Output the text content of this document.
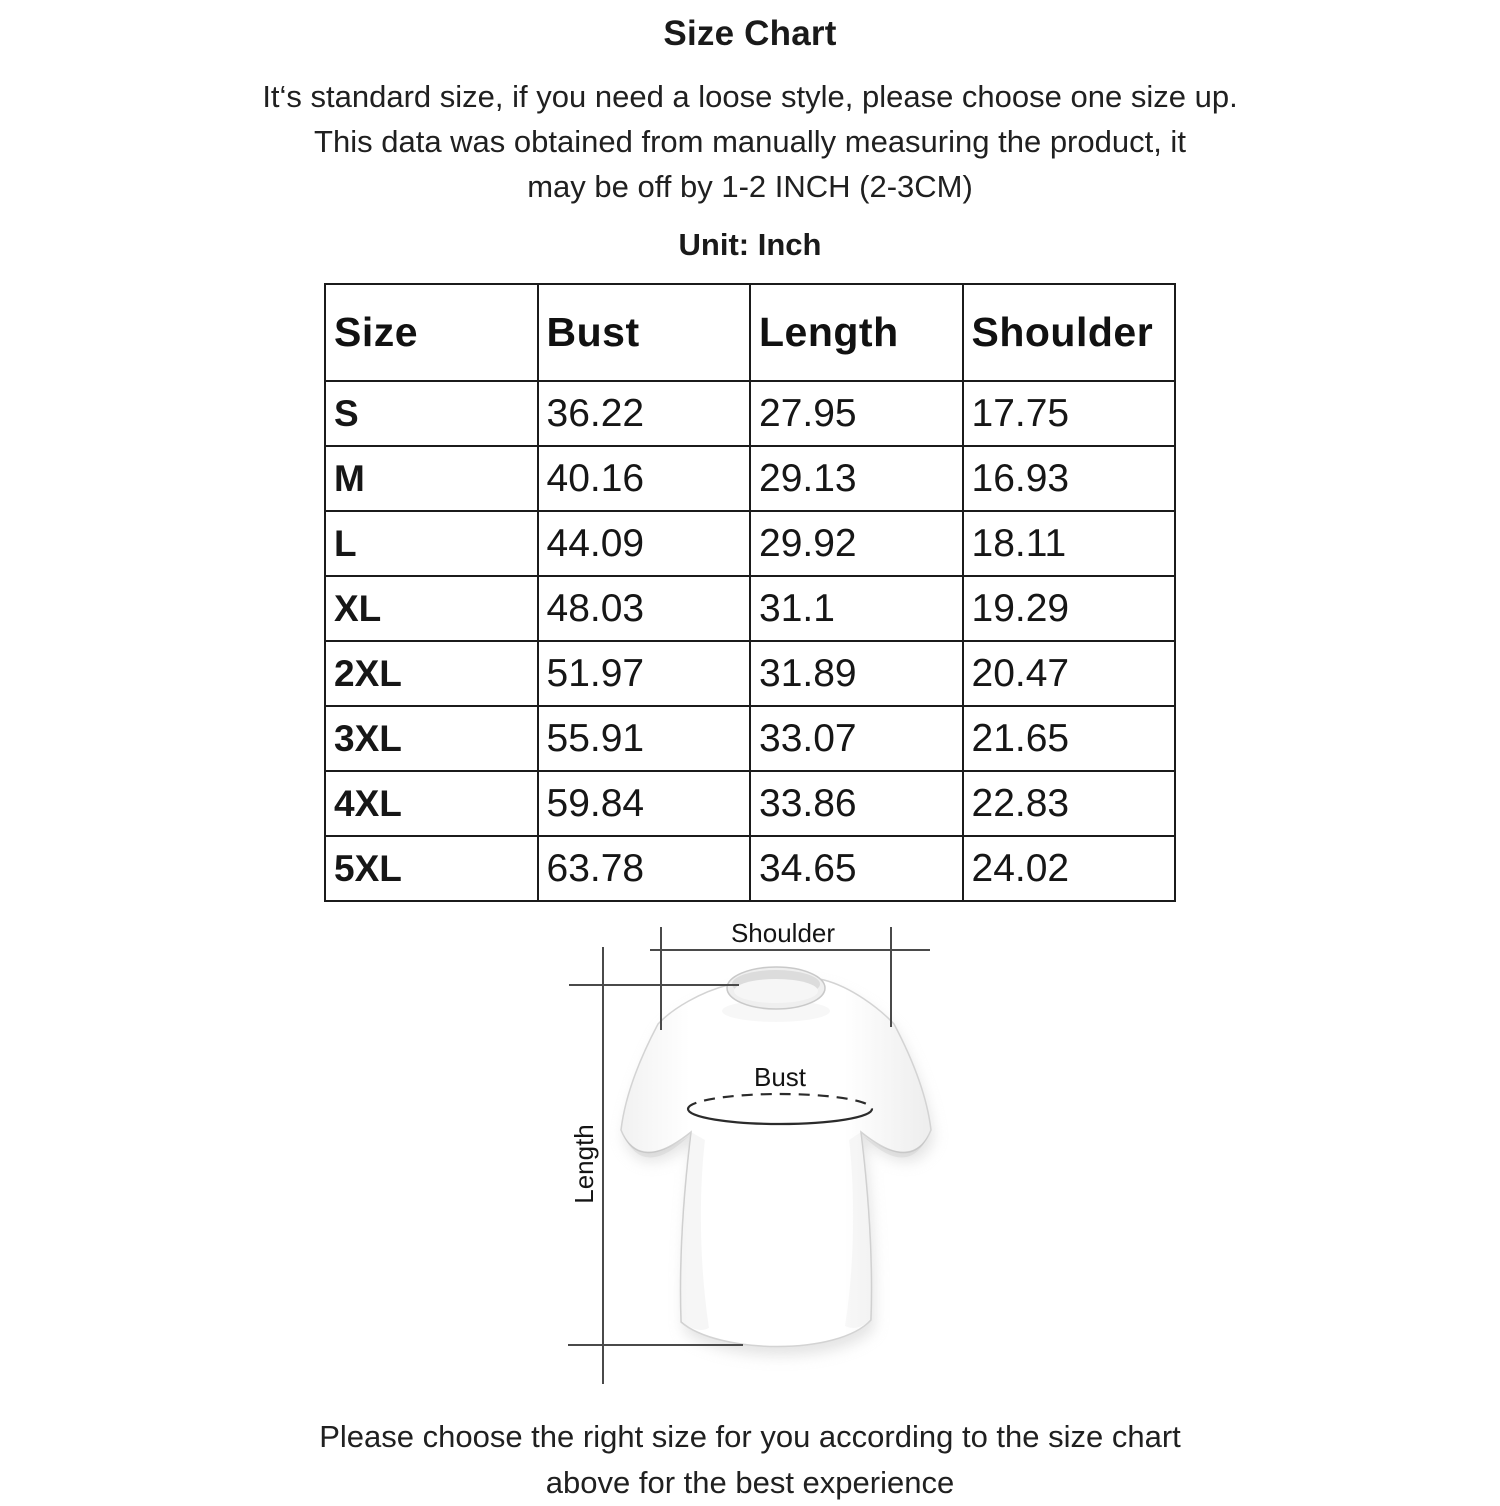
Size Chart
It‘s standard size, if you need a loose style, please choose one size up.
This data was obtained from manually measuring the product, it
may be off by 1-2 INCH (2-3CM)
Unit: Inch
Size	Bust	Length	Shoulder
S	36.22	27.95	17.75
M	40.16	29.13	16.93
L	44.09	29.92	18.11
XL	48.03	31.1	19.29
2XL	51.97	31.89	20.47
3XL	55.91	33.07	21.65
4XL	59.84	33.86	22.83
5XL	63.78	34.65	24.02
Shoulder
Length
Bust
Please choose the right size for you according to the size chart
above for the best experience
